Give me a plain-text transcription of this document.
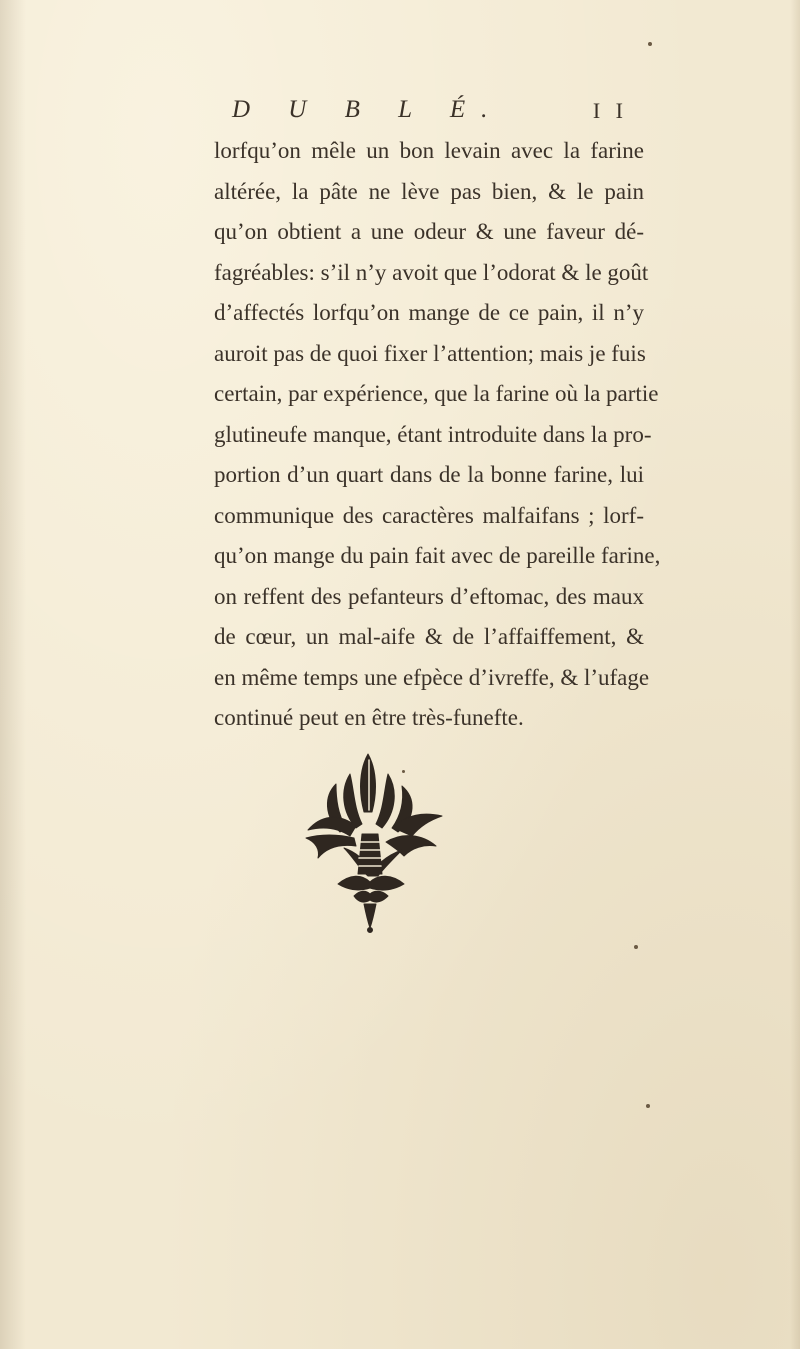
D U B L É.	I I
lorfqu’on mêle un bon levain avec la farine
altérée, la pâte ne lève pas bien, & le pain
qu’on obtient a une odeur & une faveur dé-
fagréables: s’il n’y avoit que l’odorat & le goût
d’affectés lorfqu’on mange de ce pain, il n’y
auroit pas de quoi fixer l’attention; mais je fuis
certain, par expérience, que la farine où la partie
glutineufe manque, étant introduite dans la pro-
portion d’un quart dans de la bonne farine, lui
communique des caractères malfaifans ; lorf-
qu’on mange du pain fait avec de pareille farine,
on reffent des pefanteurs d’eftomac, des maux
de cœur, un mal-aife & de l’affaiffement, &
en même temps une efpèce d’ivreffe, & l’ufage
continué peut en être très-funefte.
